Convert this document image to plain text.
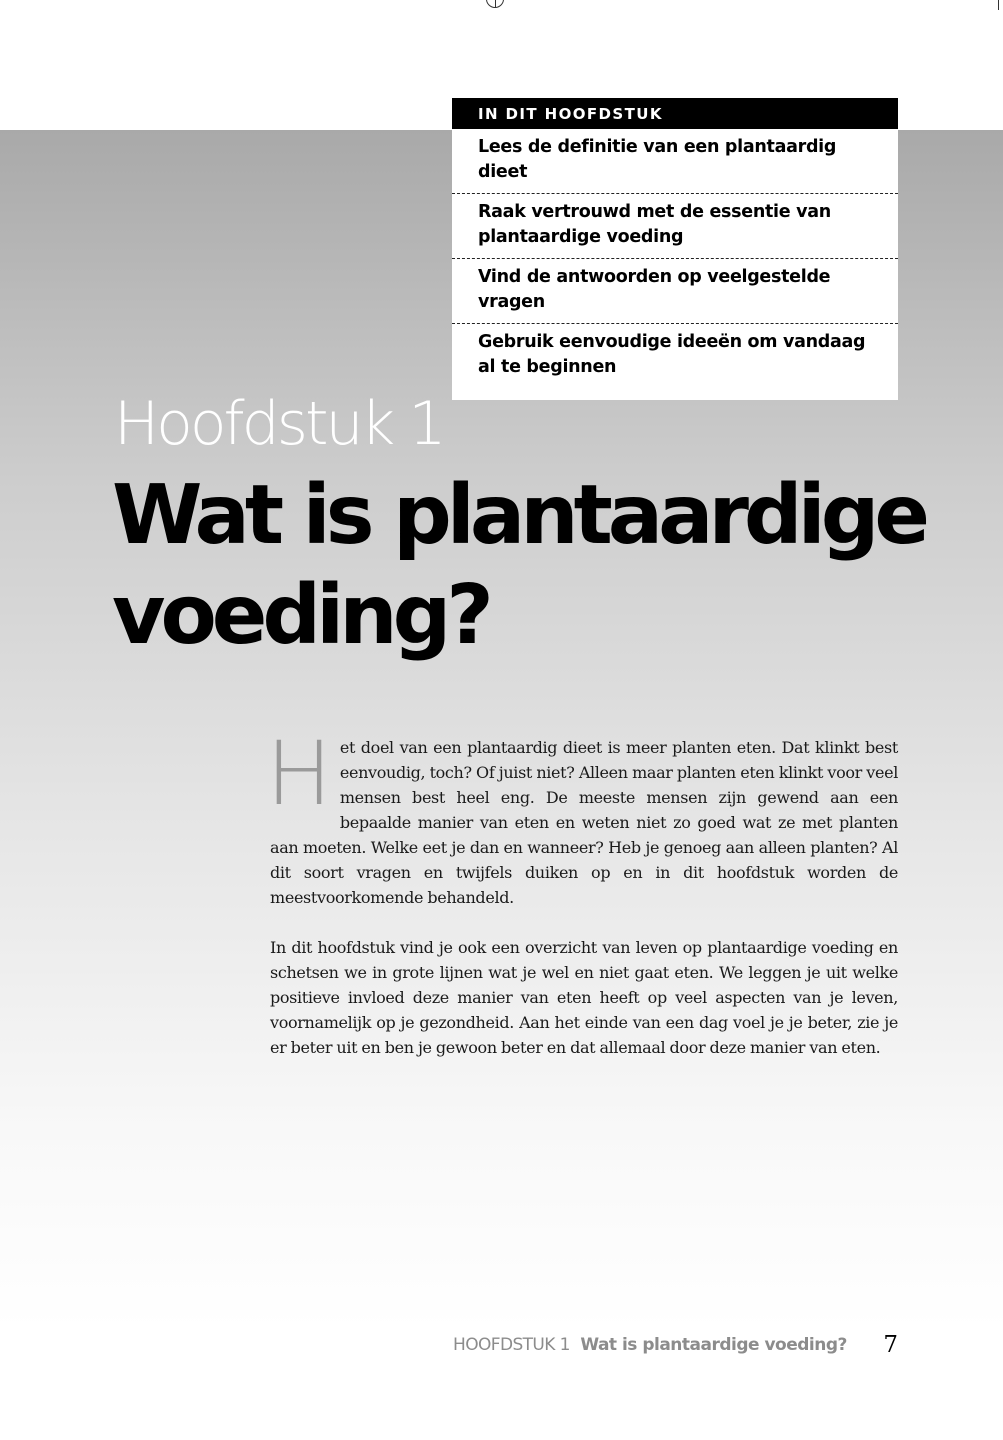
IN DIT HOOFDSTUK
Lees de definitie van een plantaardig dieet
Raak vertrouwd met de essentie van plantaardige voeding
Vind de antwoorden op veelgestelde vragen
Gebruik eenvoudige ideeën om vandaag al te beginnen
Hoofdstuk 1
Wat is plantaardige voeding?

Het doel van een plantaardig dieet is meer planten eten. Dat klinkt best eenvoudig, toch? Of juist niet? Alleen maar planten eten klinkt voor veel mensen best heel eng. De meeste mensen zijn gewend aan een bepaalde manier van eten en weten niet zo goed wat ze met planten aan moeten. Welke eet je dan en wanneer? Heb je genoeg aan alleen planten? Al dit soort vragen en twijfels duiken op en in dit hoofdstuk worden de meestvoorkomende behandeld.

In dit hoofdstuk vind je ook een overzicht van leven op plantaardige voeding en schetsen we in grote lijnen wat je wel en niet gaat eten. We leggen je uit welke positieve invloed deze manier van eten heeft op veel aspecten van je leven, voornamelijk op je gezondheid. Aan het einde van een dag voel je je beter, zie je er beter uit en ben je gewoon beter en dat allemaal door deze manier van eten.

HOOFDSTUK 1 Wat is plantaardige voeding? 7
